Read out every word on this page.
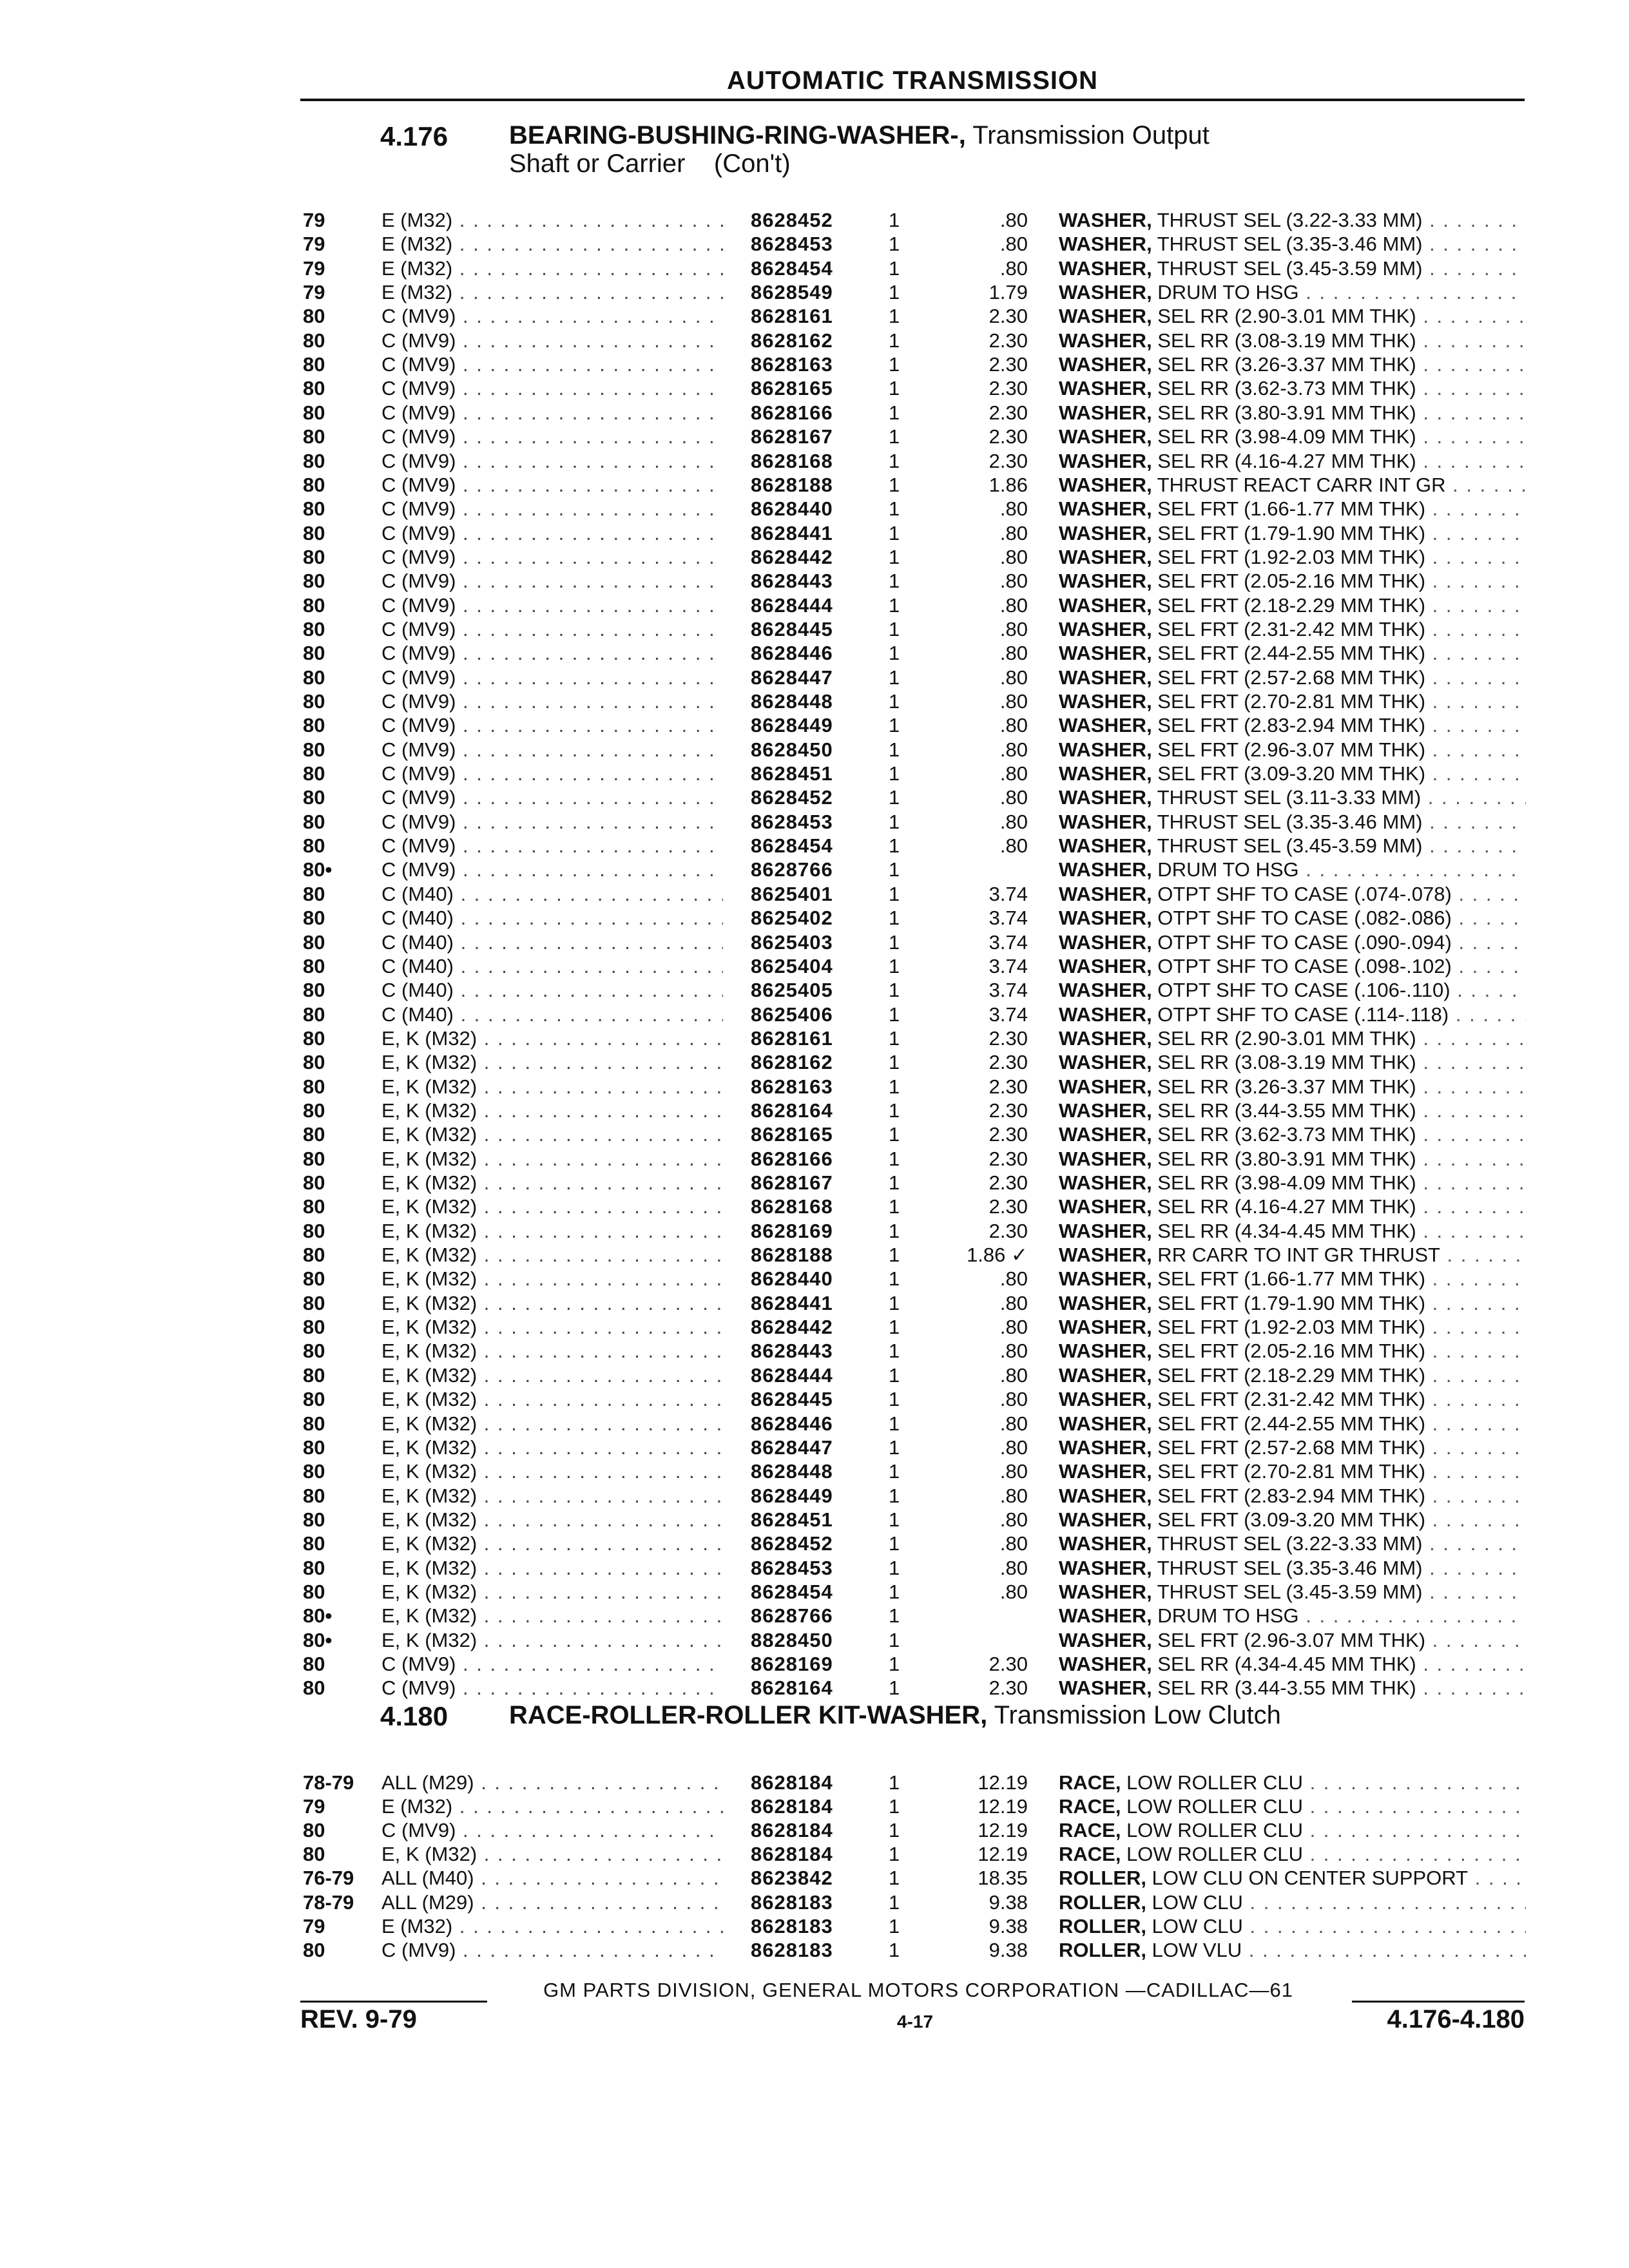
AUTOMATIC TRANSMISSION
4.176 BEARING-BUSHING-RING-WASHER-, Transmission Output
Shaft or Carrier    (Con't)
79	E (M32) . . .	8628452	1	.80 WASHER, THRUST SEL (3.22-3.33 MM) . . .
79	E (M32) . . .	8628453	1	.80 WASHER, THRUST SEL (3.35-3.46 MM) . . .
79	E (M32) . . .	8628454	1	.80 WASHER, THRUST SEL (3.45-3.59 MM) . . .
79	E (M32) . . .	8628549	1	1.79 WASHER, DRUM TO HSG . . .
80	C (MV9) . . .	8628161	1	2.30 WASHER, SEL RR (2.90-3.01 MM THK) . . .
80	C (MV9) . . .	8628162	1	2.30 WASHER, SEL RR (3.08-3.19 MM THK) . . .
80	C (MV9) . . .	8628163	1	2.30 WASHER, SEL RR (3.26-3.37 MM THK) . . .
80	C (MV9) . . .	8628165	1	2.30 WASHER, SEL RR (3.62-3.73 MM THK) . . .
80	C (MV9) . . .	8628166	1	2.30 WASHER, SEL RR (3.80-3.91 MM THK) . . .
80	C (MV9) . . .	8628167	1	2.30 WASHER, SEL RR (3.98-4.09 MM THK) . . .
80	C (MV9) . . .	8628168	1	2.30 WASHER, SEL RR (4.16-4.27 MM THK) . . .
80	C (MV9) . . .	8628188	1	1.86 WASHER, THRUST REACT CARR INT GR . . .
80	C (MV9) . . .	8628440	1	.80 WASHER, SEL FRT (1.66-1.77 MM THK) . . .
80	C (MV9) . . .	8628441	1	.80 WASHER, SEL FRT (1.79-1.90 MM THK) . . .
80	C (MV9) . . .	8628442	1	.80 WASHER, SEL FRT (1.92-2.03 MM THK) . . .
80	C (MV9) . . .	8628443	1	.80 WASHER, SEL FRT (2.05-2.16 MM THK) . . .
80	C (MV9) . . .	8628444	1	.80 WASHER, SEL FRT (2.18-2.29 MM THK) . . .
80	C (MV9) . . .	8628445	1	.80 WASHER, SEL FRT (2.31-2.42 MM THK) . . .
80	C (MV9) . . .	8628446	1	.80 WASHER, SEL FRT (2.44-2.55 MM THK) . . .
80	C (MV9) . . .	8628447	1	.80 WASHER, SEL FRT (2.57-2.68 MM THK) . . .
80	C (MV9) . . .	8628448	1	.80 WASHER, SEL FRT (2.70-2.81 MM THK) . . .
80	C (MV9) . . .	8628449	1	.80 WASHER, SEL FRT (2.83-2.94 MM THK) . . .
80	C (MV9) . . .	8628450	1	.80 WASHER, SEL FRT (2.96-3.07 MM THK) . . .
80	C (MV9) . . .	8628451	1	.80 WASHER, SEL FRT (3.09-3.20 MM THK) . . .
80	C (MV9) . . .	8628452	1	.80 WASHER, THRUST SEL (3.11-3.33 MM) . . .
80	C (MV9) . . .	8628453	1	.80 WASHER, THRUST SEL (3.35-3.46 MM) . . .
80	C (MV9) . . .	8628454	1	.80 WASHER, THRUST SEL (3.45-3.59 MM) . . .
80• C (MV9) . . .	8628766	1	WASHER, DRUM TO HSG . . .
80	C (M40) . . .	8625401	1	3.74 WASHER, OTPT SHF TO CASE (.074-.078) . . .
80	C (M40) . . .	8625402	1	3.74 WASHER, OTPT SHF TO CASE (.082-.086) . . .
80	C (M40) . . .	8625403	1	3.74 WASHER, OTPT SHF TO CASE (.090-.094) . . .
80	C (M40) . . .	8625404	1	3.74 WASHER, OTPT SHF TO CASE (.098-.102) . . .
80	C (M40) . . .	8625405	1	3.74 WASHER, OTPT SHF TO CASE (.106-.110) . . .
80	C (M40) . . .	8625406	1	3.74 WASHER, OTPT SHF TO CASE (.114-.118) . . .
80	E, K (M32) . . .	8628161	1	2.30 WASHER, SEL RR (2.90-3.01 MM THK) . . .
80	E, K (M32) . . .	8628162	1	2.30 WASHER, SEL RR (3.08-3.19 MM THK) . . .
80	E, K (M32) . . .	8628163	1	2.30 WASHER, SEL RR (3.26-3.37 MM THK) . . .
80	E, K (M32) . . .	8628164	1	2.30 WASHER, SEL RR (3.44-3.55 MM THK) . . .
80	E, K (M32) . . .	8628165	1	2.30 WASHER, SEL RR (3.62-3.73 MM THK) . . .
80	E, K (M32) . . .	8628166	1	2.30 WASHER, SEL RR (3.80-3.91 MM THK) . . .
80	E, K (M32) . . .	8628167	1	2.30 WASHER, SEL RR (3.98-4.09 MM THK) . . .
80	E, K (M32) . . .	8628168	1	2.30 WASHER, SEL RR (4.16-4.27 MM THK) . . .
80	E, K (M32) . . .	8628169	1	2.30 WASHER, SEL RR (4.34-4.45 MM THK) . . .
80	E, K (M32) . . .	8628188	1	1.86 ✓ WASHER, RR CARR TO INT GR THRUST . . .
80	E, K (M32) . . .	8628440	1	.80 WASHER, SEL FRT (1.66-1.77 MM THK) . . .
80	E, K (M32) . . .	8628441	1	.80 WASHER, SEL FRT (1.79-1.90 MM THK) . . .
80	E, K (M32) . . .	8628442	1	.80 WASHER, SEL FRT (1.92-2.03 MM THK) . . .
80	E, K (M32) . . .	8628443	1	.80 WASHER, SEL FRT (2.05-2.16 MM THK) . . .
80	E, K (M32) . . .	8628444	1	.80 WASHER, SEL FRT (2.18-2.29 MM THK) . . .
80	E, K (M32) . . .	8628445	1	.80 WASHER, SEL FRT (2.31-2.42 MM THK) . . .
80	E, K (M32) . . .	8628446	1	.80 WASHER, SEL FRT (2.44-2.55 MM THK) . . .
80	E, K (M32) . . .	8628447	1	.80 WASHER, SEL FRT (2.57-2.68 MM THK) . . .
80	E, K (M32) . . .	8628448	1	.80 WASHER, SEL FRT (2.70-2.81 MM THK) . . .
80	E, K (M32) . . .	8628449	1	.80 WASHER, SEL FRT (2.83-2.94 MM THK) . . .
80	E, K (M32) . . .	8628451	1	.80 WASHER, SEL FRT (3.09-3.20 MM THK) . . .
80	E, K (M32) . . .	8628452	1	.80 WASHER, THRUST SEL (3.22-3.33 MM) . . .
80	E, K (M32) . . .	8628453	1	.80 WASHER, THRUST SEL (3.35-3.46 MM) . . .
80	E, K (M32) . . .	8628454	1	.80 WASHER, THRUST SEL (3.45-3.59 MM) . . .
80• E, K (M32) . . .	8628766	1	WASHER, DRUM TO HSG . . .
80• E, K (M32) . . .	8828450	1	WASHER, SEL FRT (2.96-3.07 MM THK) . . .
80	C (MV9) . . .	8628169	1	2.30 WASHER, SEL RR (4.34-4.45 MM THK) . . .
80	C (MV9) . . .	8628164	1	2.30 WASHER, SEL RR (3.44-3.55 MM THK) . . .
4.180 RACE-ROLLER-ROLLER KIT-WASHER, Transmission Low Clutch
78-79 ALL (M29) . . .	8628184	1	12.19 RACE, LOW ROLLER CLU . . .
79	E (M32) . . .	8628184	1	12.19 RACE, LOW ROLLER CLU . . .
80	C (MV9) . . .	8628184	1	12.19 RACE, LOW ROLLER CLU . . .
80	E, K (M32) . . .	8628184	1	12.19 RACE, LOW ROLLER CLU . . .
76-79 ALL (M40) . . .	8623842	1	18.35 ROLLER, LOW CLU ON CENTER SUPPORT . . .
78-79 ALL (M29) . . .	8628183	1	9.38 ROLLER, LOW CLU . . .
79	E (M32) . . .	8628183	1	9.38 ROLLER, LOW CLU . . .
80	C (MV9) . . .	8628183	1	9.38 ROLLER, LOW VLU . . .
GM PARTS DIVISION, GENERAL MOTORS CORPORATION —CADILLAC—61
REV. 9-79	4-17	4.176-4.180
